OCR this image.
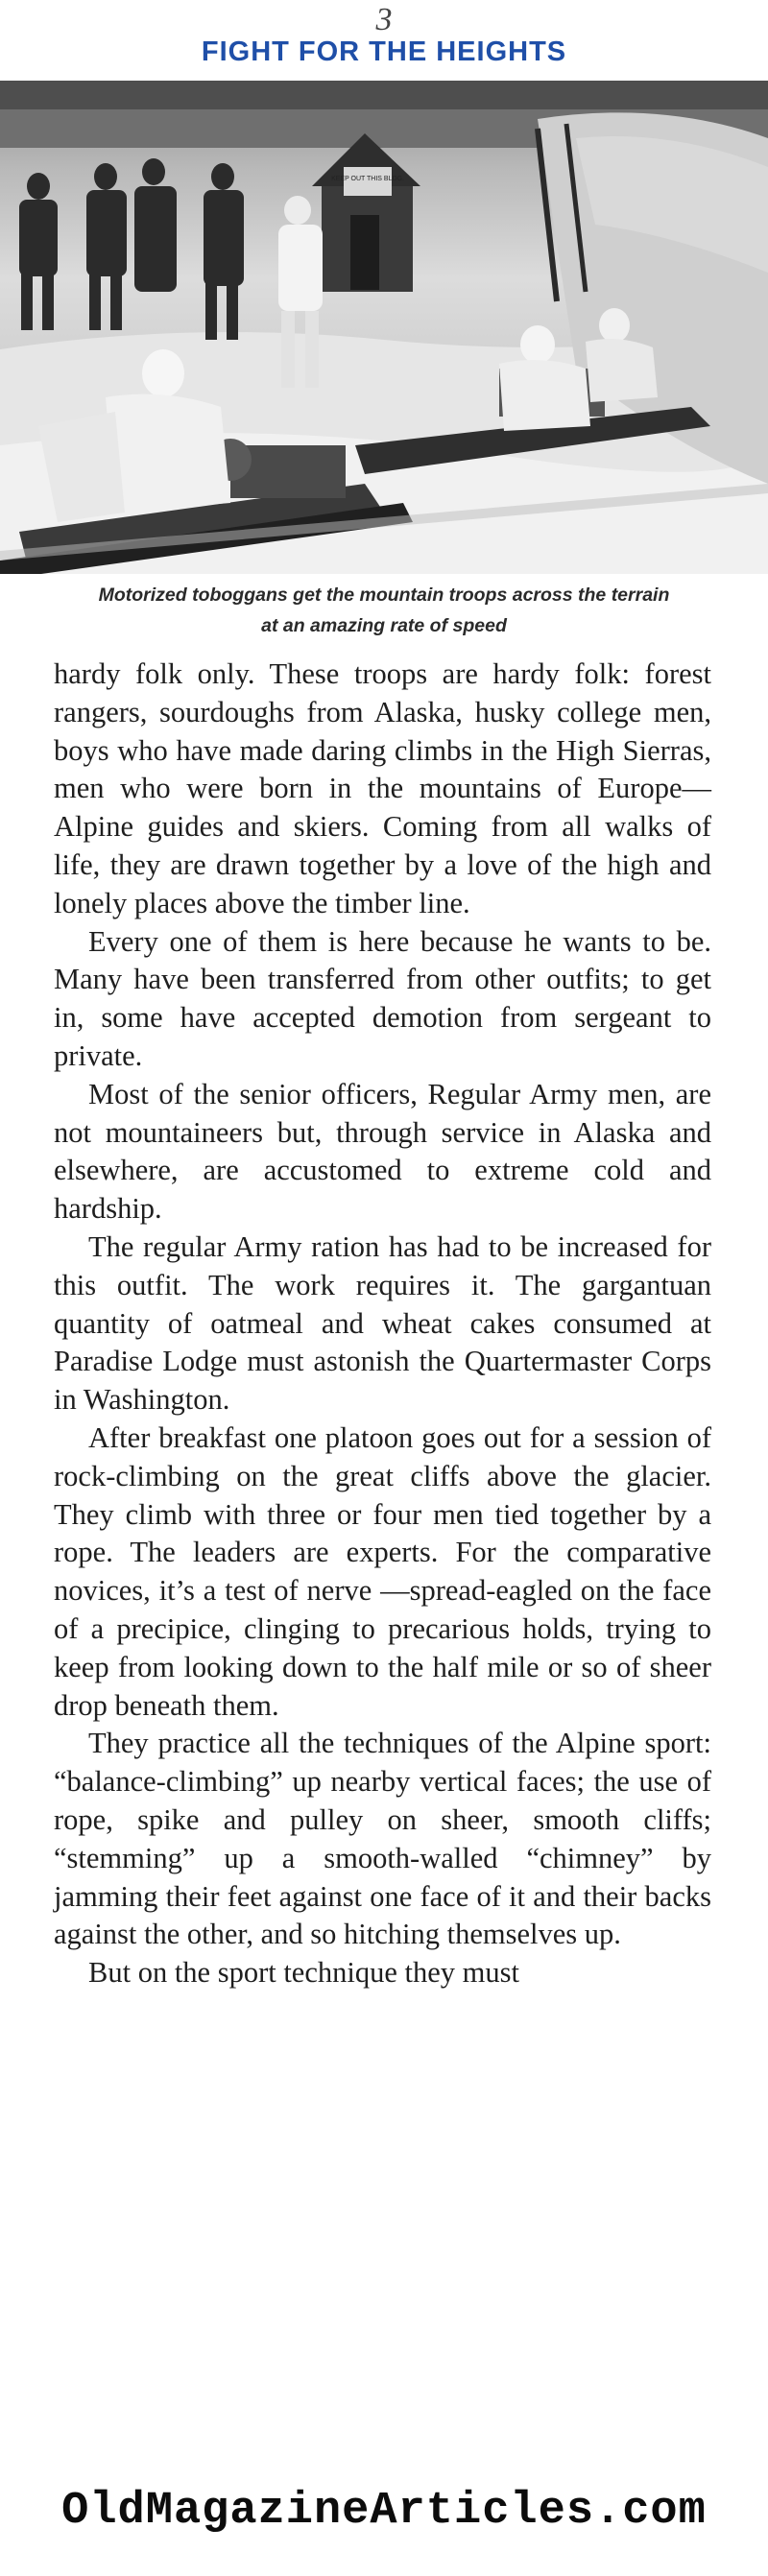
3
FIGHT FOR THE HEIGHTS
KEEP OUT THIS BLDG.
Motorized toboggans get the mountain troops across the terrain
at an amazing rate of speed

hardy folk only. These troops are hardy folk: forest rangers, sourdoughs from Alaska, husky college men, boys who have made daring climbs in the High Sierras, men who were born in the mountains of Europe—Alpine guides and skiers. Coming from all walks of life, they are drawn together by a love of the high and lonely places above the timber line.

Every one of them is here because he wants to be. Many have been transferred from other outfits; to get in, some have accepted demotion from sergeant to private.

Most of the senior officers, Regular Army men, are not mountaineers but, through service in Alaska and elsewhere, are accustomed to extreme cold and hardship.

The regular Army ration has had to be increased for this outfit. The work requires it. The gargantuan quantity of oatmeal and wheat cakes consumed at Paradise Lodge must astonish the Quartermaster Corps in Washington.

After breakfast one platoon goes out for a session of rock-climbing on the great cliffs above the glacier. They climb with three or four men tied together by a rope. The leaders are experts. For the comparative novices, it’s a test of nerve —spread-eagled on the face of a precipice, clinging to precarious holds, trying to keep from looking down to the half mile or so of sheer drop beneath them.

They practice all the techniques of the Alpine sport: “balance-climbing” up nearby vertical faces; the use of rope, spike and pulley on sheer, smooth cliffs; “stemming” up a smooth-walled “chimney” by jamming their feet against one face of it and their backs against the other, and so hitching themselves up.

But on the sport technique they must

OldMagazineArticles.com
